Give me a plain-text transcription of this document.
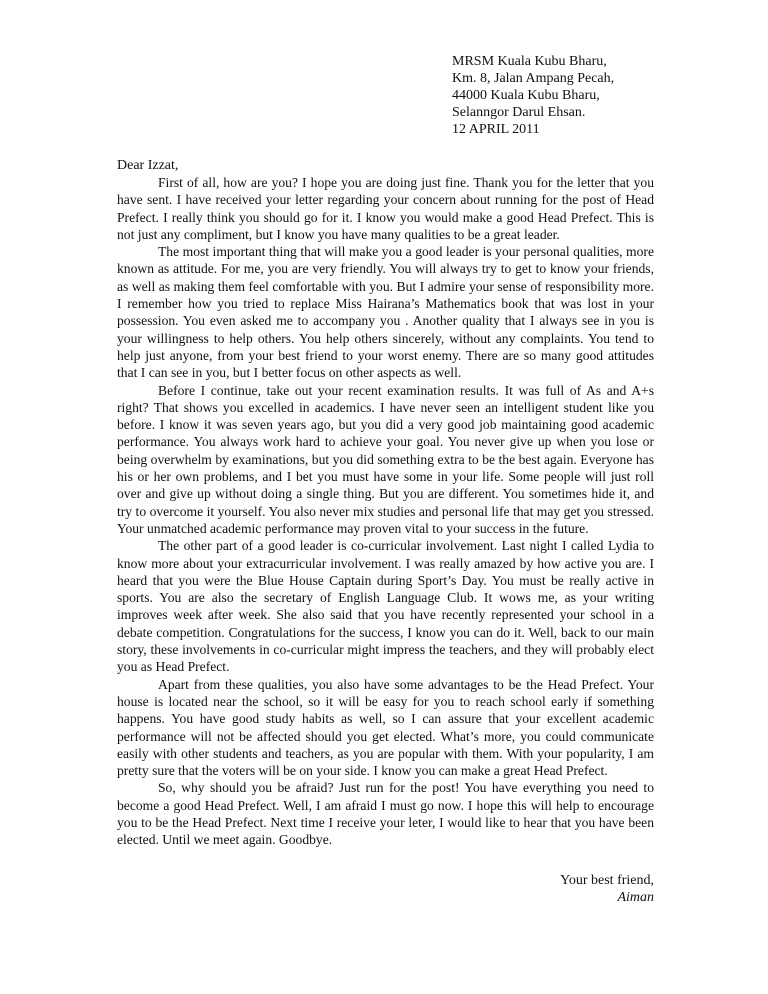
MRSM Kuala Kubu Bharu,
Km. 8, Jalan Ampang Pecah,
44000 Kuala Kubu Bharu,
Selanngor Darul Ehsan.
12 APRIL 2011
Dear Izzat,

First of all, how are you? I hope you are doing just fine. Thank you for the letter that you have sent. I have received your letter regarding your concern about running for the post of Head Prefect. I really think you should go for it. I know you would make a good Head Prefect. This is not just any compliment, but I know you have many qualities to be a great leader.

The most important thing that will make you a good leader is your personal qualities, more known as attitude. For me, you are very friendly. You will always try to get to know your friends, as well as making them feel comfortable with you. But I admire your sense of responsibility more. I remember how you tried to replace Miss Hairana’s Mathematics book that was lost in your possession. You even asked me to accompany you . Another quality that I always see in you is your willingness to help others. You help others sincerely, without any complaints. You tend to help just anyone, from your best friend to your worst enemy. There are so many good attitudes that I can see in you, but I better focus on other aspects as well.

Before I continue, take out your recent examination results. It was full of As and A+s right? That shows you excelled in academics. I have never seen an intelligent student like you before. I know it was seven years ago, but you did a very good job maintaining good academic performance. You always work hard to achieve your goal. You never give up when you lose or being overwhelm by examinations, but you did something extra to be the best again. Everyone has his or her own problems, and I bet you must have some in your life. Some people will just roll over and give up without doing a single thing. But you are different. You sometimes hide it, and try to overcome it yourself. You also never mix studies and personal life that may get you stressed. Your unmatched academic performance may proven vital to your success in the future.

The other part of a good leader is co-curricular involvement. Last night I called Lydia to know more about your extracurricular involvement. I was really amazed by how active you are. I heard that you were the Blue House Captain during Sport’s Day. You must be really active in sports. You are also the secretary of English Language Club. It wows me, as your writing improves week after week. She also said that you have recently represented your school in a debate competition. Congratulations for the success, I know you can do it. Well, back to our main story, these involvements in co-curricular might impress the teachers, and they will probably elect you as Head Prefect.

Apart from these qualities, you also have some advantages to be the Head Prefect. Your house is located near the school, so it will be easy for you to reach school early if something happens. You have good study habits as well, so I can assure that your excellent academic performance will not be affected should you get elected. What’s more, you could communicate easily with other students and teachers, as you are popular with them. With your popularity, I am pretty sure that the voters will be on your side. I know you can make a great Head Prefect.

So, why should you be afraid? Just run for the post! You have everything you need to become a good Head Prefect. Well, I am afraid I must go now. I hope this will help to encourage you to be the Head Prefect. Next time I receive your leter, I would like to hear that you have been elected. Until we meet again. Goodbye.

Your best friend,
Aiman
